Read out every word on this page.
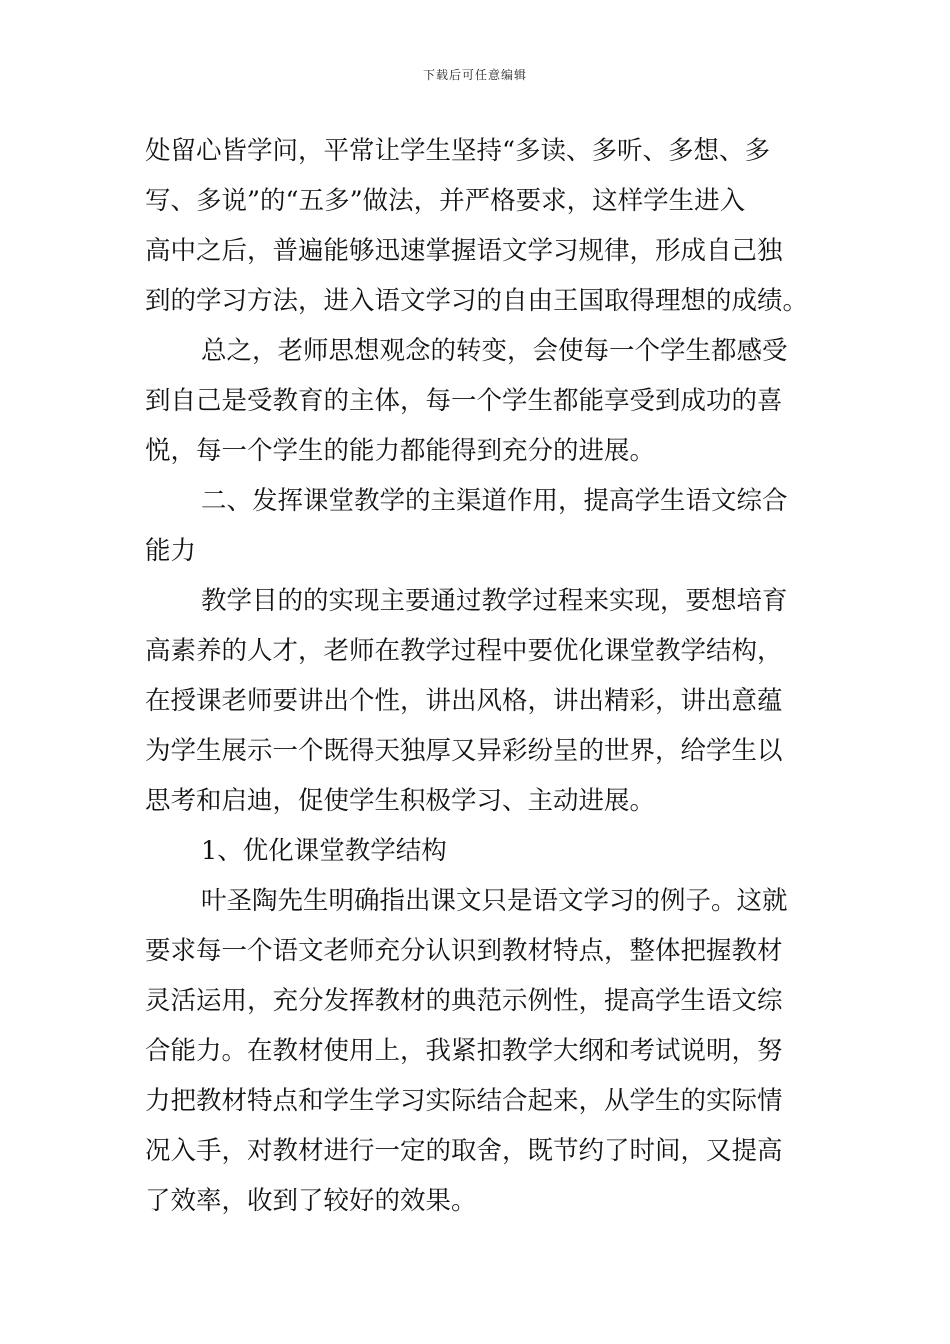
下载后可任意编辑
处留心皆学问，平常让学生坚持“多读、多听、多想、多
写、多说”的“五多”做法，并严格要求，这样学生进入
高中之后，普遍能够迅速掌握语文学习规律，形成自己独
到的学习方法，进入语文学习的自由王国取得理想的成绩。
总之，老师思想观念的转变，会使每一个学生都感受
到自己是受教育的主体，每一个学生都能享受到成功的喜
悦，每一个学生的能力都能得到充分的进展。
二、发挥课堂教学的主渠道作用，提高学生语文综合
能力
教学目的的实现主要通过教学过程来实现，要想培育
高素养的人才，老师在教学过程中要优化课堂教学结构，
在授课老师要讲出个性，讲出风格，讲出精彩，讲出意蕴
为学生展示一个既得天独厚又异彩纷呈的世界，给学生以
思考和启迪，促使学生积极学习、主动进展。
1、优化课堂教学结构
叶圣陶先生明确指出课文只是语文学习的例子。这就
要求每一个语文老师充分认识到教材特点，整体把握教材
灵活运用，充分发挥教材的典范示例性，提高学生语文综
合能力。在教材使用上，我紧扣教学大纲和考试说明，努
力把教材特点和学生学习实际结合起来，从学生的实际情
况入手，对教材进行一定的取舍，既节约了时间，又提高
了效率，收到了较好的效果。
